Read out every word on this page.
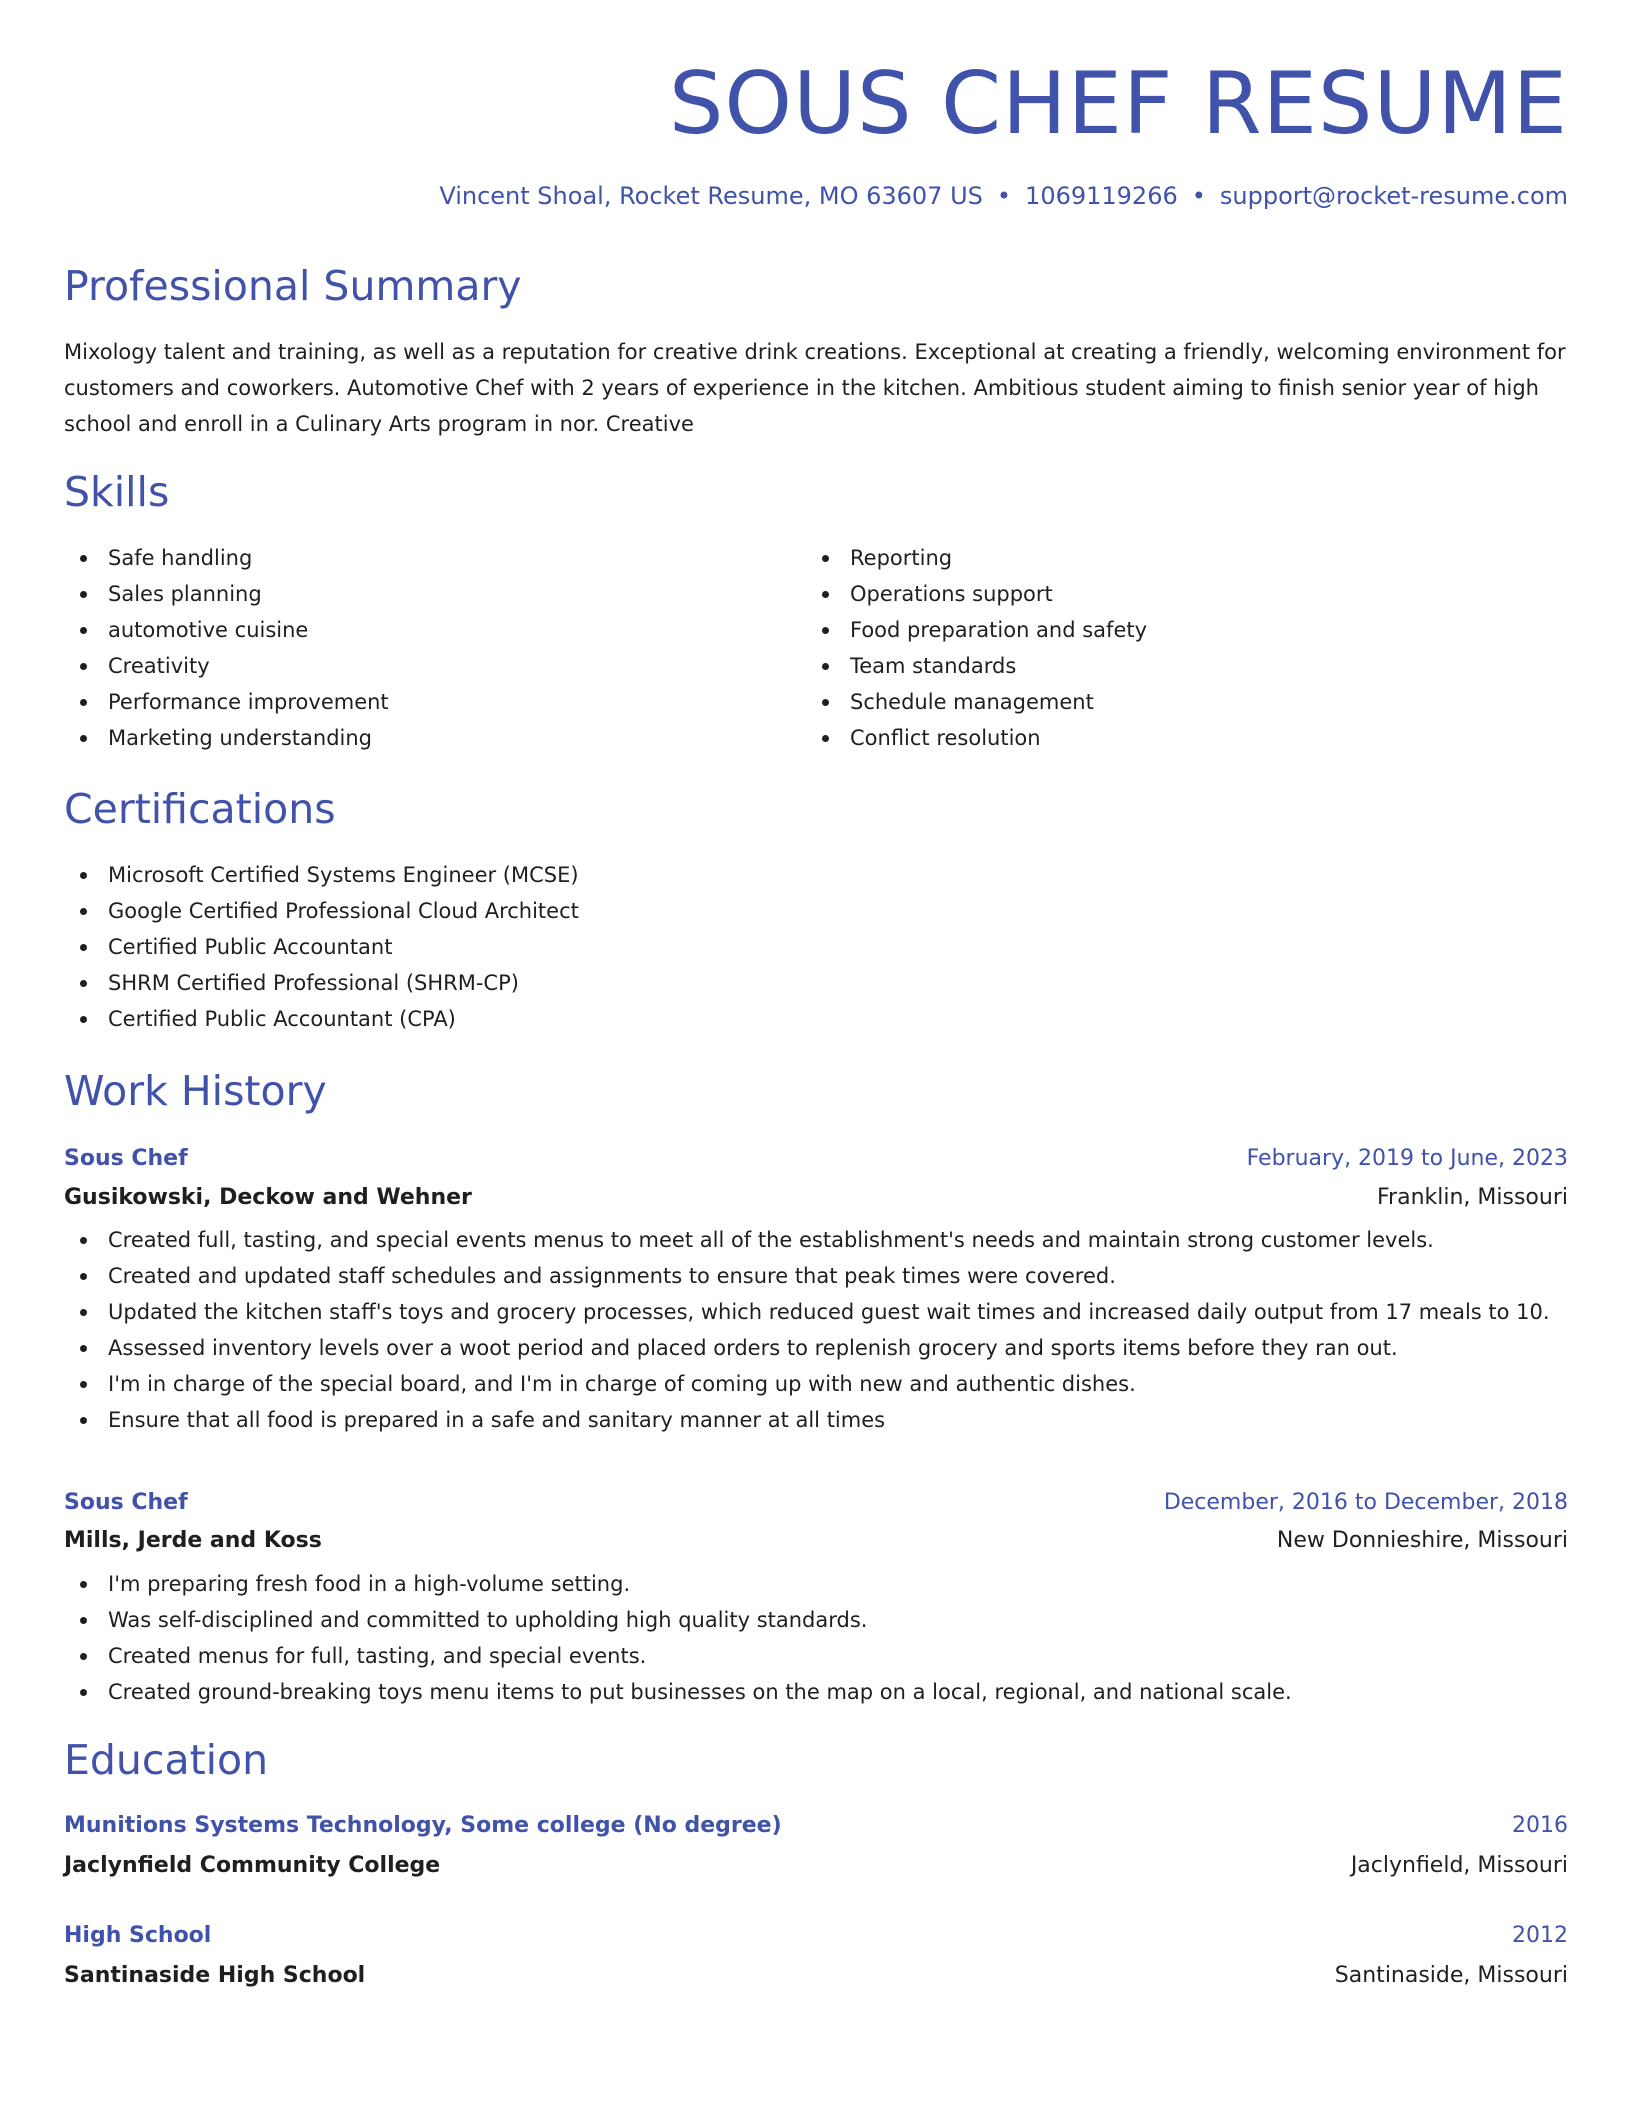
SOUS CHEF RESUME
Vincent Shoal, Rocket Resume, MO 63607 US • 1069119266 • support@rocket-resume.com
Professional Summary

Mixology talent and training, as well as a reputation for creative drink creations. Exceptional at creating a friendly, welcoming environment for customers and coworkers. Automotive Chef with 2 years of experience in the kitchen. Ambitious student aiming to finish senior year of high school and enroll in a Culinary Arts program in nor. Creative

Skills
Safe handling
Sales planning
automotive cuisine
Creativity
Performance improvement
Marketing understanding
Reporting
Operations support
Food preparation and safety
Team standards
Schedule management
Conflict resolution
Certifications
Microsoft Certified Systems Engineer (MCSE)
Google Certified Professional Cloud Architect
Certified Public Accountant
SHRM Certified Professional (SHRM-CP)
Certified Public Accountant (CPA)
Work History
Sous Chef	February, 2019 to June, 2023
Gusikowski, Deckow and Wehner	Franklin, Missouri
Created full, tasting, and special events menus to meet all of the establishment's needs and maintain strong customer levels.
Created and updated staff schedules and assignments to ensure that peak times were covered.
Updated the kitchen staff's toys and grocery processes, which reduced guest wait times and increased daily output from 17 meals to 10.
Assessed inventory levels over a woot period and placed orders to replenish grocery and sports items before they ran out.
I'm in charge of the special board, and I'm in charge of coming up with new and authentic dishes.
Ensure that all food is prepared in a safe and sanitary manner at all times
Sous Chef	December, 2016 to December, 2018
Mills, Jerde and Koss	New Donnieshire, Missouri
I'm preparing fresh food in a high-volume setting.
Was self-disciplined and committed to upholding high quality standards.
Created menus for full, tasting, and special events.
Created ground-breaking toys menu items to put businesses on the map on a local, regional, and national scale.
Education
Munitions Systems Technology, Some college (No degree)	2016
Jaclynfield Community College	Jaclynfield, Missouri
High School	2012
Santinaside High School	Santinaside, Missouri
